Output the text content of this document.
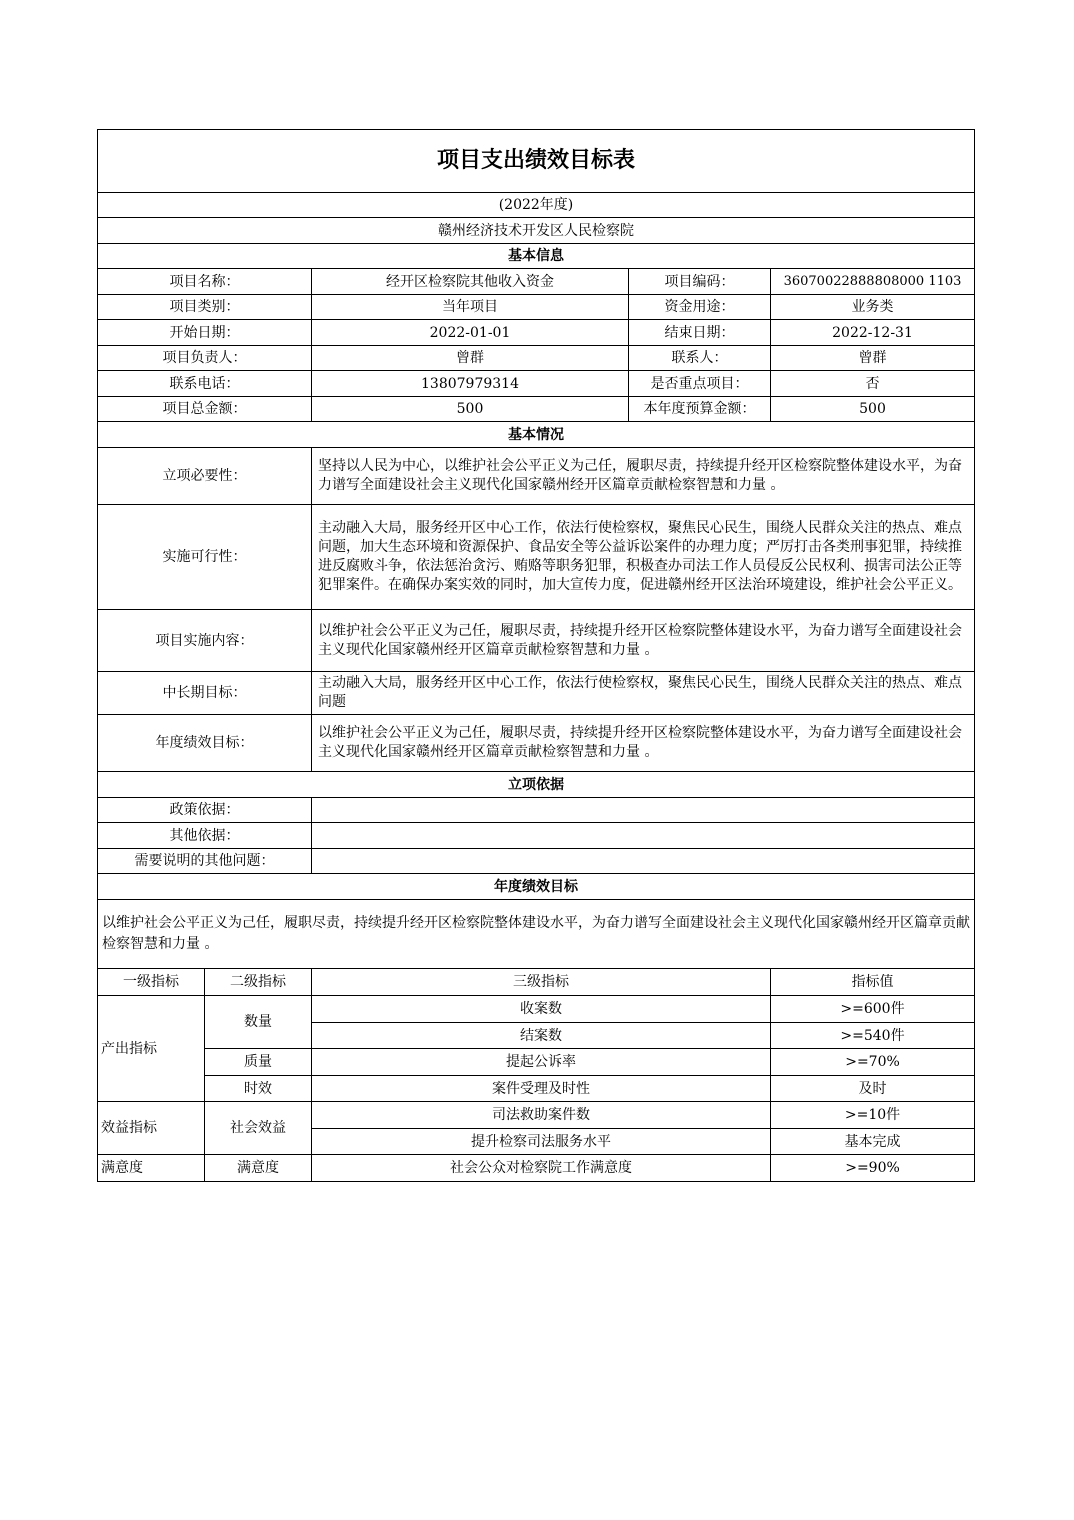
项目支出绩效目标表				
(2022年度)				
赣州经济技术开发区人民检察院				
基本信息				
项目名称：		经开区检察院其他收入资金	项目编码：	36070022888808000 1103
项目类别：		当年项目	资金用途：	业务类
开始日期：		2022-01-01	结束日期：	2022-12-31
项目负责人：		曾群	联系人：	曾群
联系电话：		13807979314	是否重点项目：	否
项目总金额：		500	本年度预算金额：	500
基本情况				
立项必要性：		坚持以人民为中心，以维护社会公平正义为己任，履职尽责，持续提升经开区检察院整体建设水平，为奋力谱写全面建设社会主义现代化国家赣州经开区篇章贡献检察智慧和力量 。		
实施可行性：		主动融入大局，服务经开区中心工作，依法行使检察权，聚焦民心民生，围绕人民群众关注的热点、难点问题，加大生态环境和资源保护、食品安全等公益诉讼案件的办理力度；严厉打击各类刑事犯罪，持续推进反腐败斗争，依法惩治贪污、贿赂等职务犯罪，积极查办司法工作人员侵反公民权利、损害司法公正等犯罪案件。在确保办案实效的同时，加大宣传力度，促进赣州经开区法治环境建设，维护社会公平正义。		
项目实施内容：		以维护社会公平正义为己任，履职尽责，持续提升经开区检察院整体建设水平，为奋力谱写全面建设社会主义现代化国家赣州经开区篇章贡献检察智慧和力量 。		
中长期目标：		主动融入大局，服务经开区中心工作，依法行使检察权，聚焦民心民生，围绕人民群众关注的热点、难点问题		
年度绩效目标：		以维护社会公平正义为己任，履职尽责，持续提升经开区检察院整体建设水平，为奋力谱写全面建设社会主义现代化国家赣州经开区篇章贡献检察智慧和力量 。		
立项依据				
政策依据：				
其他依据：				
需要说明的其他问题：				
年度绩效目标				
以维护社会公平正义为己任，履职尽责，持续提升经开区检察院整体建设水平，为奋力谱写全面建设社会主义现代化国家赣州经开区篇章贡献检察智慧和力量 。				
一级指标	二级指标	三级指标		指标值
产出指标	数量	收案数		>=600件
		结案数		>=540件
	质量	提起公诉率		>=70%
	时效	案件受理及时性		及时
效益指标	社会效益	司法救助案件数		>=10件
		提升检察司法服务水平		基本完成
满意度	满意度	社会公众对检察院工作满意度		>=90%
